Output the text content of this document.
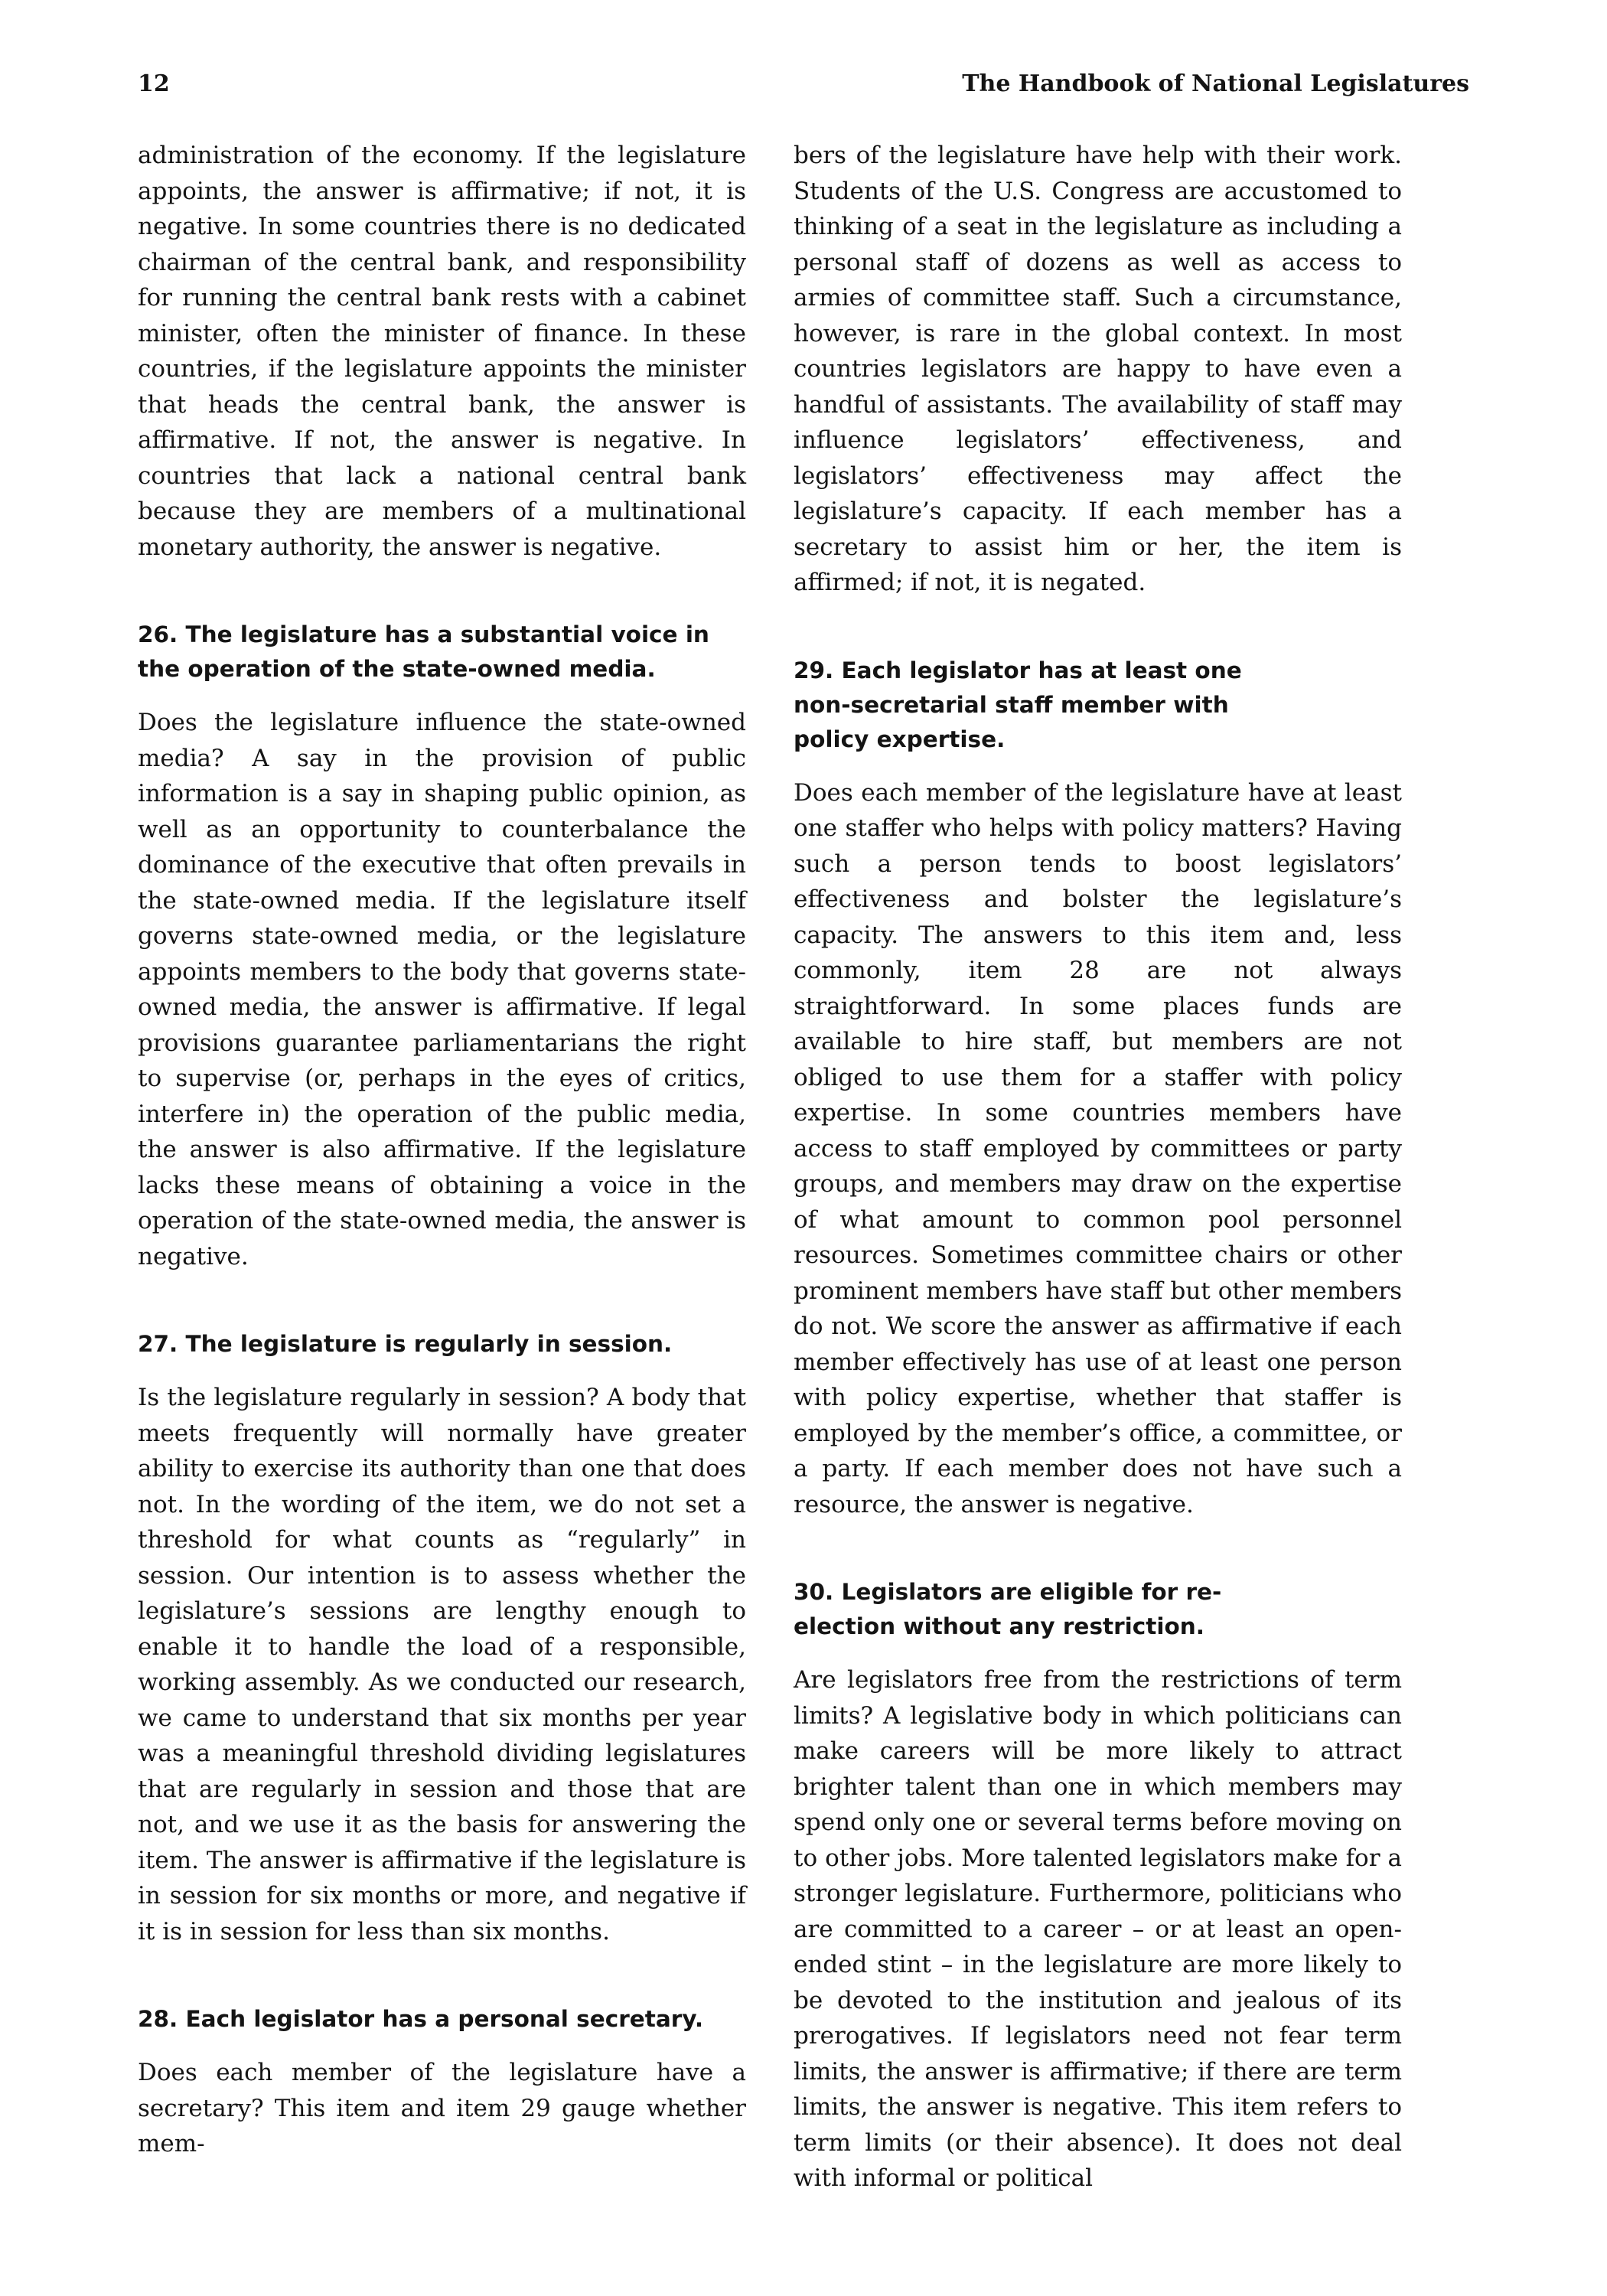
12	The Handbook of National Legislatures

administration of the economy. If the legislature appoints, the answer is affirmative; if not, it is negative. In some countries there is no dedicated chairman of the central bank, and responsibility for running the central bank rests with a cabinet minister, often the minister of finance. In these countries, if the legislature appoints the minister that heads the central bank, the answer is affirmative. If not, the answer is negative. In countries that lack a national central bank because they are members of a multinational monetary authority, the answer is negative.

26. The legislature has a substantial voice in the operation of the state-owned media.

Does the legislature influence the state-owned media? A say in the provision of public information is a say in shaping public opinion, as well as an opportunity to counterbalance the dominance of the executive that often prevails in the state-owned media. If the legislature itself governs state-owned media, or the legislature appoints members to the body that governs state-owned media, the answer is affirmative. If legal provisions guarantee parliamentarians the right to supervise (or, perhaps in the eyes of critics, interfere in) the operation of the public media, the answer is also affirmative. If the legislature lacks these means of obtaining a voice in the operation of the state-owned media, the answer is negative.

27. The legislature is regularly in session.

Is the legislature regularly in session? A body that meets frequently will normally have greater ability to exercise its authority than one that does not. In the wording of the item, we do not set a threshold for what counts as “regularly” in session. Our intention is to assess whether the legislature’s sessions are lengthy enough to enable it to handle the load of a responsible, working assembly. As we conducted our research, we came to understand that six months per year was a meaningful threshold dividing legislatures that are regularly in session and those that are not, and we use it as the basis for answering the item. The answer is affirmative if the legislature is in session for six months or more, and negative if it is in session for less than six months.

28. Each legislator has a personal secretary.

Does each member of the legislature have a secretary? This item and item 29 gauge whether mem-

bers of the legislature have help with their work. Students of the U.S. Congress are accustomed to thinking of a seat in the legislature as including a personal staff of dozens as well as access to armies of committee staff. Such a circumstance, however, is rare in the global context. In most countries legislators are happy to have even a handful of assistants. The availability of staff may influence legislators’ effectiveness, and legislators’ effectiveness may affect the legislature’s capacity. If each member has a secretary to assist him or her, the item is affirmed; if not, it is negated.

29. Each legislator has at least one non-secretarial staff member with policy expertise.

Does each member of the legislature have at least one staffer who helps with policy matters? Having such a person tends to boost legislators’ effectiveness and bolster the legislature’s capacity. The answers to this item and, less commonly, item 28 are not always straightforward. In some places funds are available to hire staff, but members are not obliged to use them for a staffer with policy expertise. In some countries members have access to staff employed by committees or party groups, and members may draw on the expertise of what amount to common pool personnel resources. Sometimes committee chairs or other prominent members have staff but other members do not. We score the answer as affirmative if each member effectively has use of at least one person with policy expertise, whether that staffer is employed by the member’s office, a committee, or a party. If each member does not have such a resource, the answer is negative.

30. Legislators are eligible for re-election without any restriction.

Are legislators free from the restrictions of term limits? A legislative body in which politicians can make careers will be more likely to attract brighter talent than one in which members may spend only one or several terms before moving on to other jobs. More talented legislators make for a stronger legislature. Furthermore, politicians who are committed to a career – or at least an open-ended stint – in the legislature are more likely to be devoted to the institution and jealous of its prerogatives. If legislators need not fear term limits, the answer is affirmative; if there are term limits, the answer is negative. This item refers to term limits (or their absence). It does not deal with informal or political
